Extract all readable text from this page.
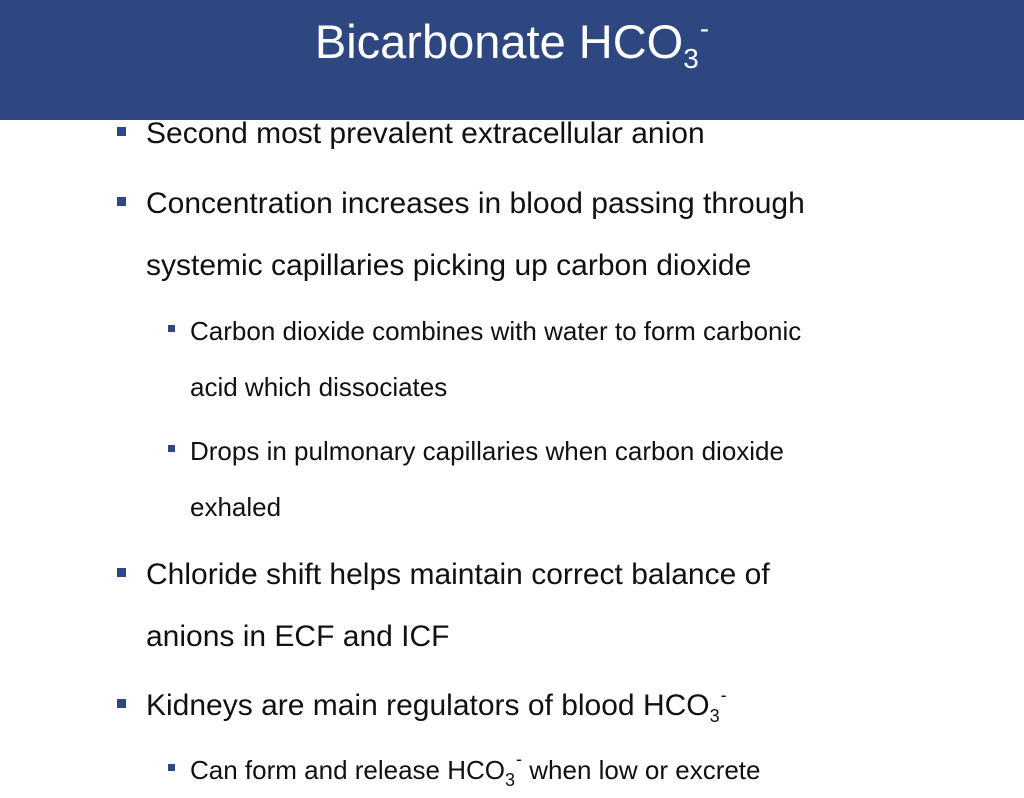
Bicarbonate $HCO_3^-$
Second most prevalent extracellular anion
Concentration increases in blood passing through
systemic capillaries picking up carbon dioxide
Carbon dioxide combines with water to form carbonic
acid which dissociates
Drops in pulmonary capillaries when carbon dioxide
exhaled
Chloride shift helps maintain correct balance of
anions in ECF and ICF
Kidneys are main regulators of blood $HCO_3^-$
Can form and release $HCO_3^-$ when low or excrete
